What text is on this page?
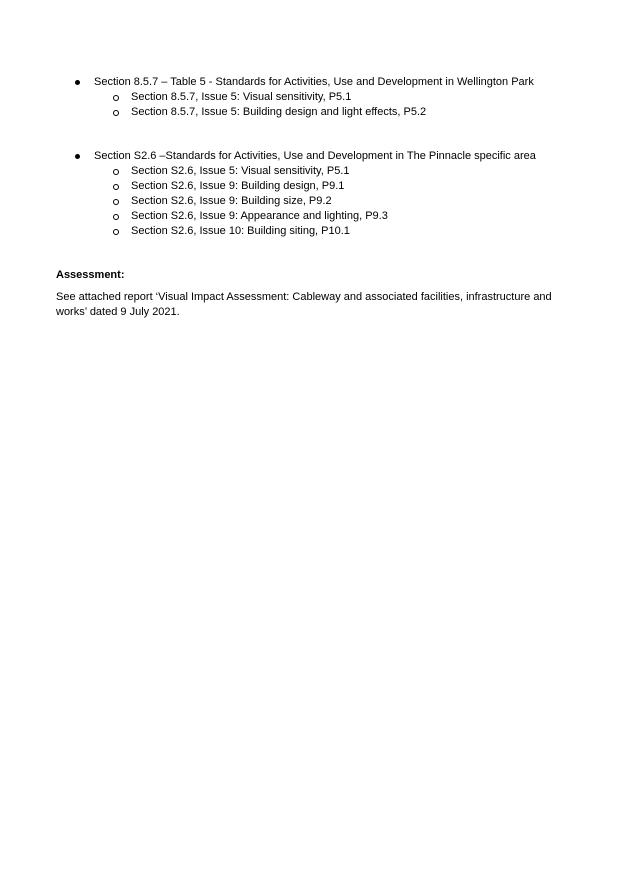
Section 8.5.7 – Table 5 - Standards for Activities, Use and Development in Wellington Park
Section 8.5.7, Issue 5: Visual sensitivity, P5.1
Section 8.5.7, Issue 5: Building design and light effects, P5.2
Section S2.6 –Standards for Activities, Use and Development in The Pinnacle specific area
Section S2.6, Issue 5: Visual sensitivity, P5.1
Section S2.6, Issue 9: Building design, P9.1
Section S2.6, Issue 9: Building size, P9.2
Section S2.6, Issue 9: Appearance and lighting, P9.3
Section S2.6, Issue 10: Building siting, P10.1
Assessment:
See attached report ‘Visual Impact Assessment: Cableway and associated facilities, infrastructure and works’ dated 9 July 2021.
